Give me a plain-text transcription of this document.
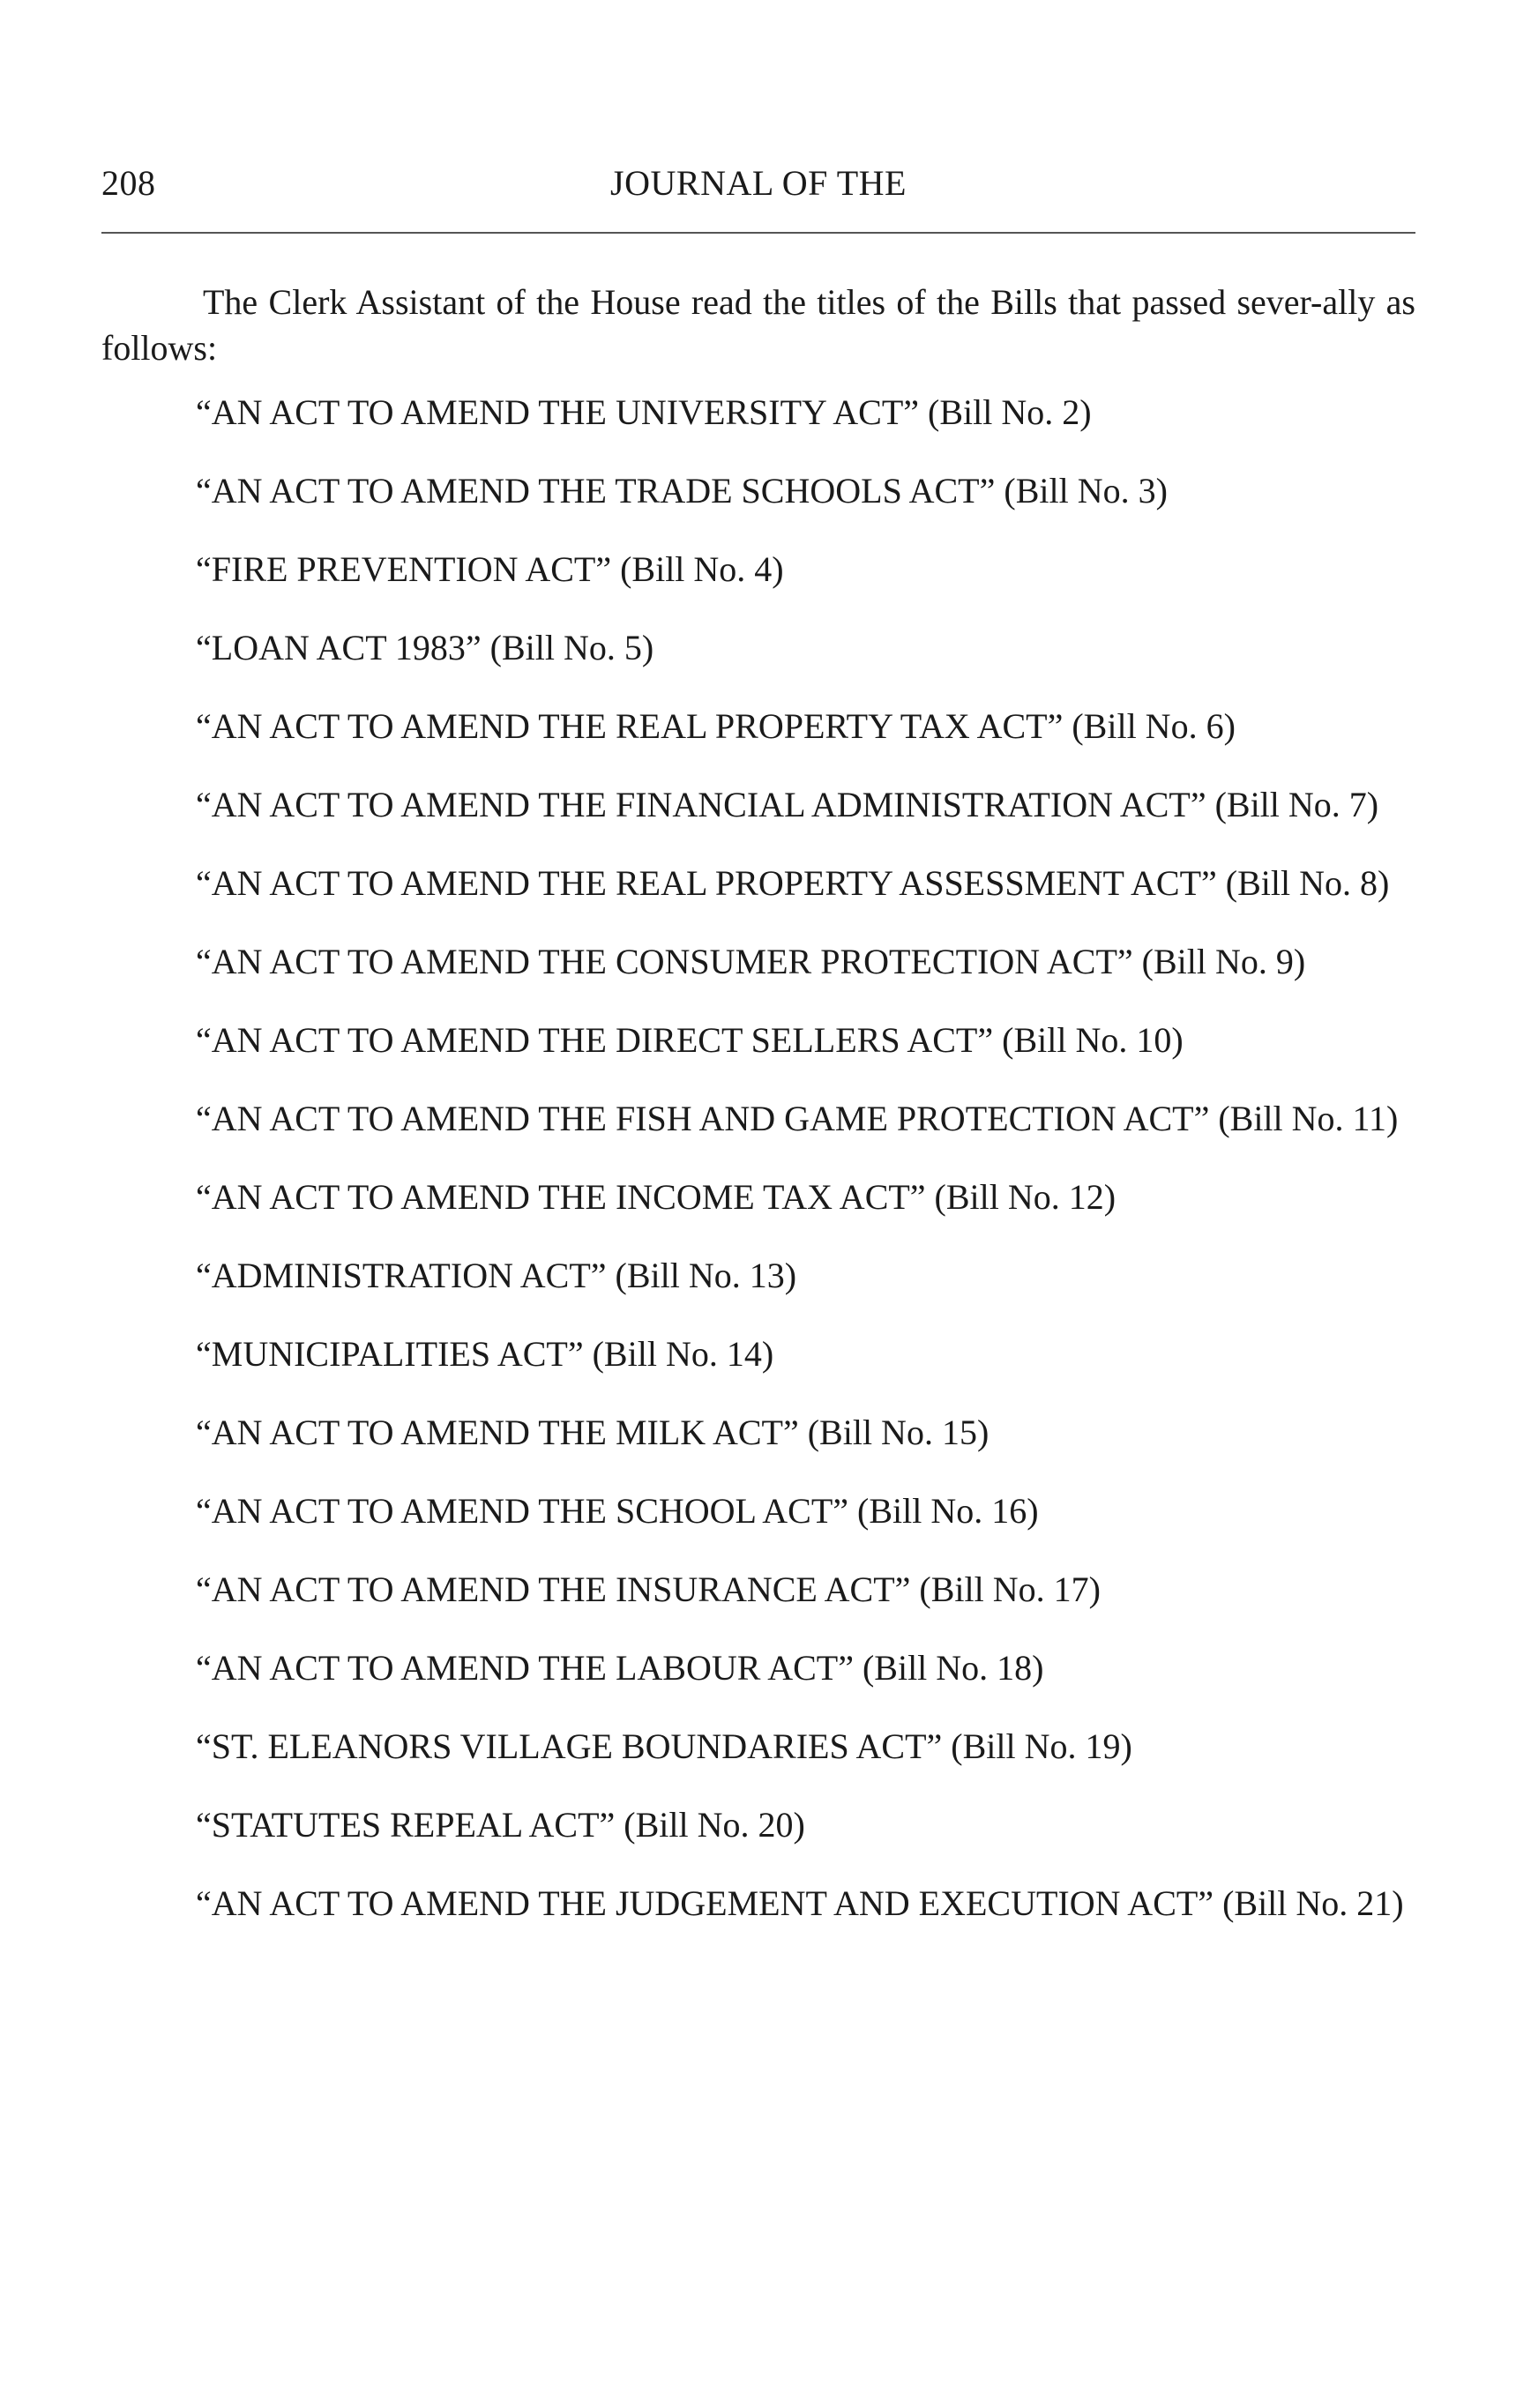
208	JOURNAL OF THE

The Clerk Assistant of the House read the titles of the Bills that passed sever-ally as follows:

“AN ACT TO AMEND THE UNIVERSITY ACT” (Bill No. 2)
“AN ACT TO AMEND THE TRADE SCHOOLS ACT” (Bill No. 3)
“FIRE PREVENTION ACT” (Bill No. 4)
“LOAN ACT 1983” (Bill No. 5)
“AN ACT TO AMEND THE REAL PROPERTY TAX ACT” (Bill No. 6)
“AN ACT TO AMEND THE FINANCIAL ADMINISTRATION ACT” (Bill No. 7)
“AN ACT TO AMEND THE REAL PROPERTY ASSESSMENT ACT” (Bill No. 8)
“AN ACT TO AMEND THE CONSUMER PROTECTION ACT” (Bill No. 9)
“AN ACT TO AMEND THE DIRECT SELLERS ACT” (Bill No. 10)
“AN ACT TO AMEND THE FISH AND GAME PROTECTION ACT” (Bill No. 11)
“AN ACT TO AMEND THE INCOME TAX ACT” (Bill No. 12)
“ADMINISTRATION ACT” (Bill No. 13)
“MUNICIPALITIES ACT” (Bill No. 14)
“AN ACT TO AMEND THE MILK ACT” (Bill No. 15)
“AN ACT TO AMEND THE SCHOOL ACT” (Bill No. 16)
“AN ACT TO AMEND THE INSURANCE ACT” (Bill No. 17)
“AN ACT TO AMEND THE LABOUR ACT” (Bill No. 18)
“ST. ELEANORS VILLAGE BOUNDARIES ACT” (Bill No. 19)
“STATUTES REPEAL ACT” (Bill No. 20)
“AN ACT TO AMEND THE JUDGEMENT AND EXECUTION ACT” (Bill No. 21)
